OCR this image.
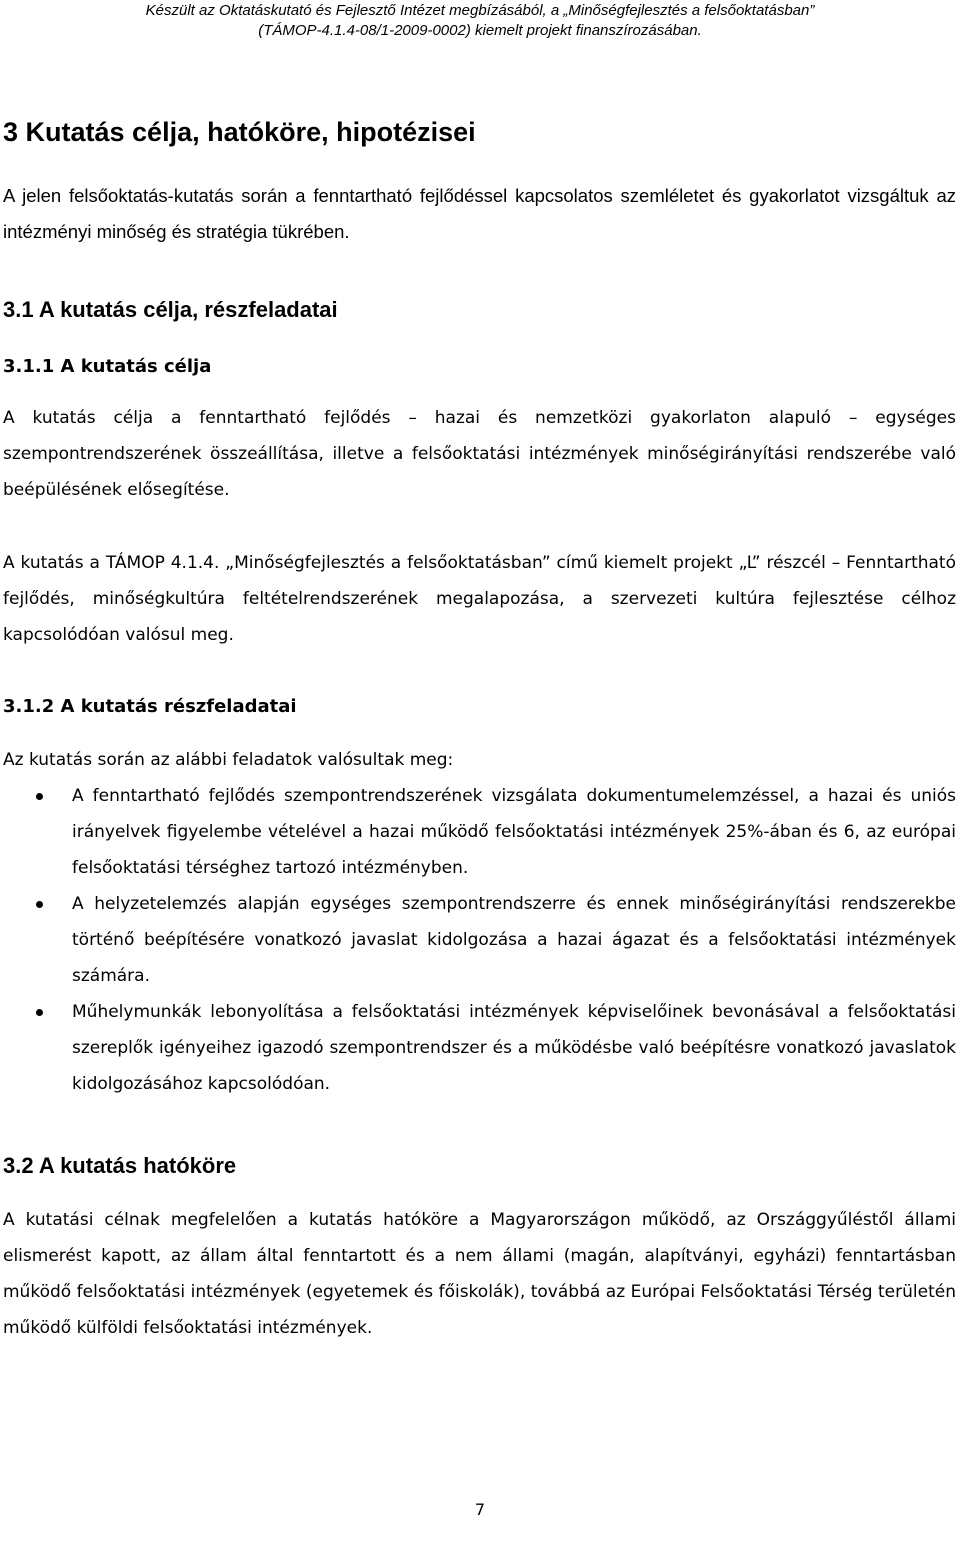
Készült az Oktatáskutató és Fejlesztő Intézet megbízásából, a „Minőségfejlesztés a felsőoktatásban”
(TÁMOP-4.1.4-08/1-2009-0002) kiemelt projekt finanszírozásában.
3 Kutatás célja, hatóköre, hipotézisei

A jelen felsőoktatás-kutatás során a fenntartható fejlődéssel kapcsolatos szemléletet és gyakorlatot vizsgáltuk az intézményi minőség és stratégia tükrében.

3.1 A kutatás célja, részfeladatai
3.1.1 A kutatás célja

A kutatás célja a fenntartható fejlődés – hazai és nemzetközi gyakorlaton alapuló – egységes szempontrendszerének összeállítása, illetve a felsőoktatási intézmények minőségirányítási rendszerébe való beépülésének elősegítése.

A kutatás a TÁMOP 4.1.4. „Minőségfejlesztés a felsőoktatásban” című kiemelt projekt „L” részcél – Fenntartható fejlődés, minőségkultúra feltételrendszerének megalapozása, a szervezeti kultúra fejlesztése célhoz kapcsolódóan valósul meg.

3.1.2 A kutatás részfeladatai

Az kutatás során az alábbi feladatok valósultak meg:

A fenntartható fejlődés szempontrendszerének vizsgálata dokumentumelemzéssel, a hazai és uniós irányelvek figyelembe vételével a hazai működő felsőoktatási intézmények 25%-ában és 6, az európai felsőoktatási térséghez tartozó intézményben.

A helyzetelemzés alapján egységes szempontrendszerre és ennek minőségirányítási rendszerekbe történő beépítésére vonatkozó javaslat kidolgozása a hazai ágazat és a felsőoktatási intézmények számára.

Műhelymunkák lebonyolítása a felsőoktatási intézmények képviselőinek bevonásával a felsőoktatási szereplők igényeihez igazodó szempontrendszer és a működésbe való beépítésre vonatkozó javaslatok kidolgozásához kapcsolódóan.

3.2 A kutatás hatóköre

A kutatási célnak megfelelően a kutatás hatóköre a Magyarországon működő, az Országgyűléstől állami elismerést kapott, az állam által fenntartott és a nem állami (magán, alapítványi, egyházi) fenntartásban működő felsőoktatási intézmények (egyetemek és főiskolák), továbbá az Európai Felsőoktatási Térség területén működő külföldi felsőoktatási intézmények.

7
